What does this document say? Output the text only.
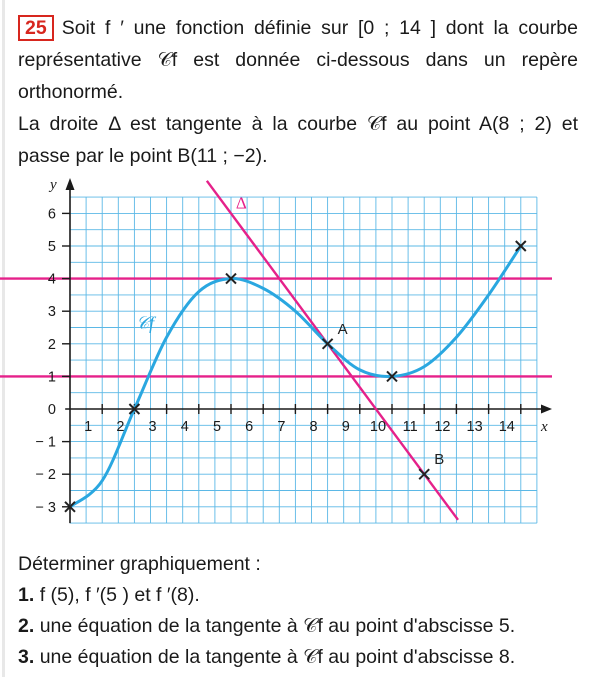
25 Soit f ′ une fonction définie sur [0 ; 14 ] dont la courbe

représentative 𝒞f est donnée ci-dessous dans un repère

orthonormé.

La droite Δ est tangente à la courbe 𝒞f au point A(8 ; 2) et

passe par le point B(11 ; −2).

Δ
𝒞f	A
B
1 2 3 4 5 6 7 8 9 10 11 12 13 14
− 3
− 2
− 1
1
2
3
4
5
6
0
x
y

Déterminer graphiquement :

1. f (5), f ′(5 ) et f ′(8).

2. une équation de la tangente à 𝒞f au point d'abscisse 5.

3. une équation de la tangente à 𝒞f au point d'abscisse 8.
